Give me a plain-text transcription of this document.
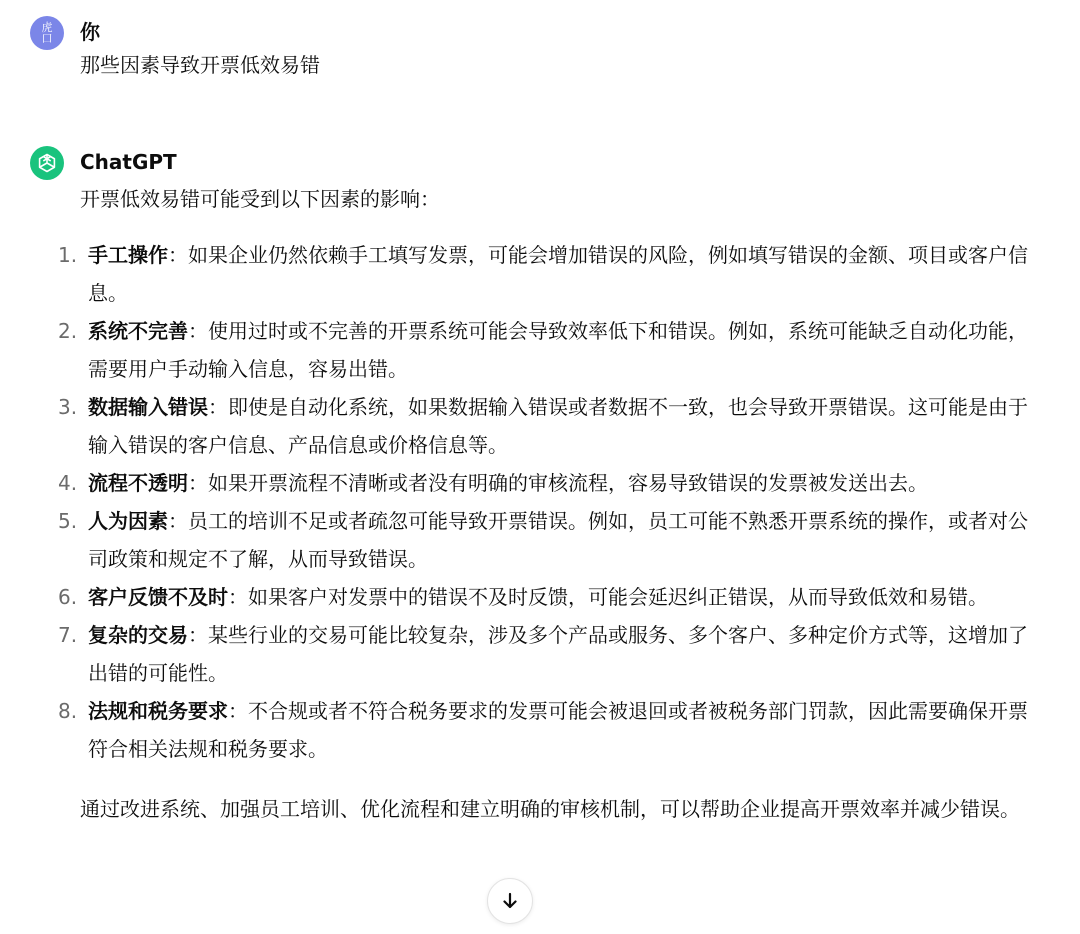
虎口 你
那些因素导致开票低效易错
ChatGPT

开票低效易错可能受到以下因素的影响：

1. 手工操作：如果企业仍然依赖手工填写发票，可能会增加错误的风险，例如填写错误的金额、项目或客户信息。
2. 系统不完善：使用过时或不完善的开票系统可能会导致效率低下和错误。例如，系统可能缺乏自动化功能，需要用户手动输入信息，容易出错。
3. 数据输入错误：即使是自动化系统，如果数据输入错误或者数据不一致，也会导致开票错误。这可能是由于输入错误的客户信息、产品信息或价格信息等。
4. 流程不透明：如果开票流程不清晰或者没有明确的审核流程，容易导致错误的发票被发送出去。
5. 人为因素：员工的培训不足或者疏忽可能导致开票错误。例如，员工可能不熟悉开票系统的操作，或者对公司政策和规定不了解，从而导致错误。
6. 客户反馈不及时：如果客户对发票中的错误不及时反馈，可能会延迟纠正错误，从而导致低效和易错。
7. 复杂的交易：某些行业的交易可能比较复杂，涉及多个产品或服务、多个客户、多种定价方式等，这增加了出错的可能性。
8. 法规和税务要求：不合规或者不符合税务要求的发票可能会被退回或者被税务部门罚款，因此需要确保开票符合相关法规和税务要求。

通过改进系统、加强员工培训、优化流程和建立明确的审核机制，可以帮助企业提高开票效率并减少错误。
